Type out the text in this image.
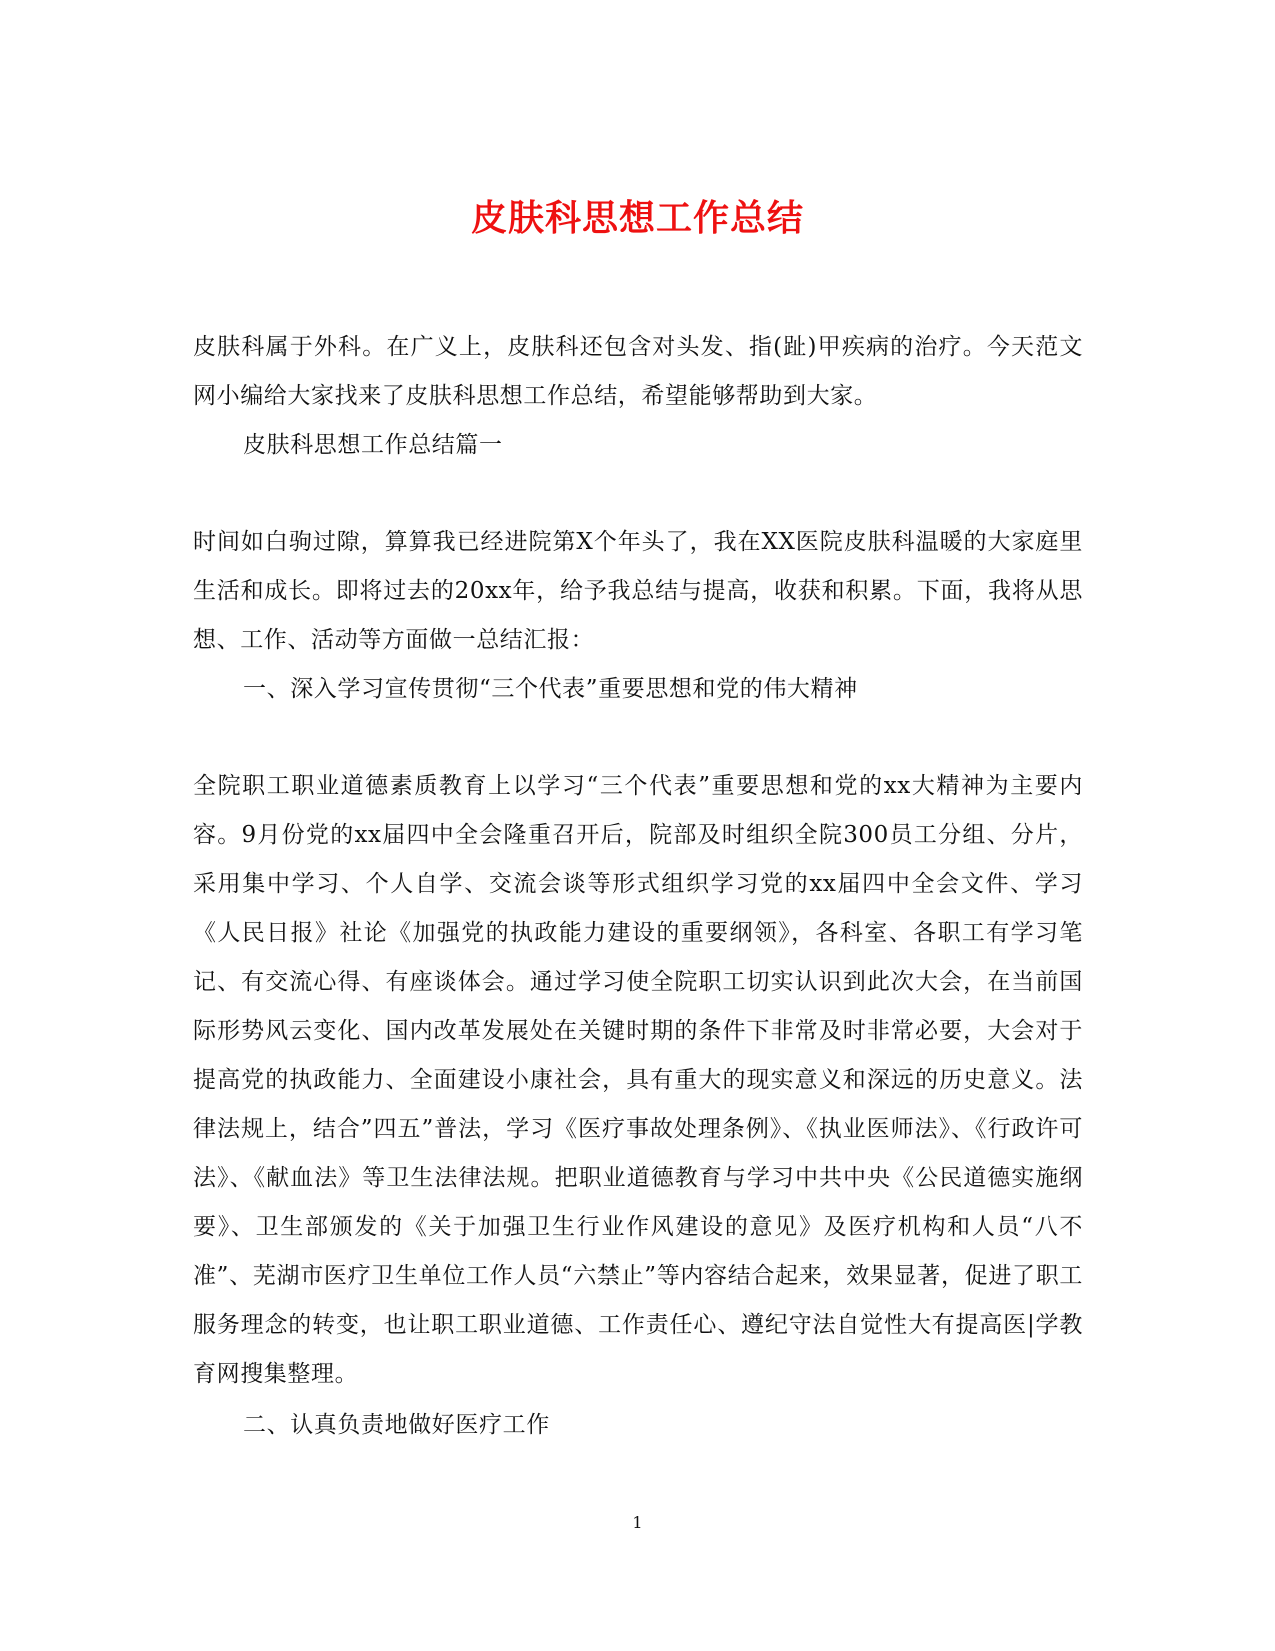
皮肤科思想工作总结

皮肤科属于外科。在广义上，皮肤科还包含对头发、指(趾)甲疾病的治疗。今天范文网小编给大家找来了皮肤科思想工作总结，希望能够帮助到大家。

皮肤科思想工作总结篇一

时间如白驹过隙，算算我已经进院第X个年头了，我在XX医院皮肤科温暖的大家庭里生活和成长。即将过去的20xx年，给予我总结与提高，收获和积累。下面，我将从思想、工作、活动等方面做一总结汇报：

一、深入学习宣传贯彻“三个代表”重要思想和党的伟大精神

全院职工职业道德素质教育上以学习“三个代表”重要思想和党的xx大精神为主要内容。9月份党的xx届四中全会隆重召开后，院部及时组织全院300员工分组、分片，采用集中学习、个人自学、交流会谈等形式组织学习党的xx届四中全会文件、学习《人民日报》社论《加强党的执政能力建设的重要纲领》，各科室、各职工有学习笔记、有交流心得、有座谈体会。通过学习使全院职工切实认识到此次大会，在当前国际形势风云变化、国内改革发展处在关键时期的条件下非常及时非常必要，大会对于提高党的执政能力、全面建设小康社会，具有重大的现实意义和深远的历史意义。法律法规上，结合”四五”普法，学习《医疗事故处理条例》、《执业医师法》、《行政许可法》、《献血法》等卫生法律法规。把职业道德教育与学习中共中央《公民道德实施纲要》、卫生部颁发的《关于加强卫生行业作风建设的意见》及医疗机构和人员“八不准”、芜湖市医疗卫生单位工作人员“六禁止”等内容结合起来，效果显著，促进了职工服务理念的转变，也让职工职业道德、工作责任心、遵纪守法自觉性大有提高医|学教育网搜集整理。

二、认真负责地做好医疗工作

1
